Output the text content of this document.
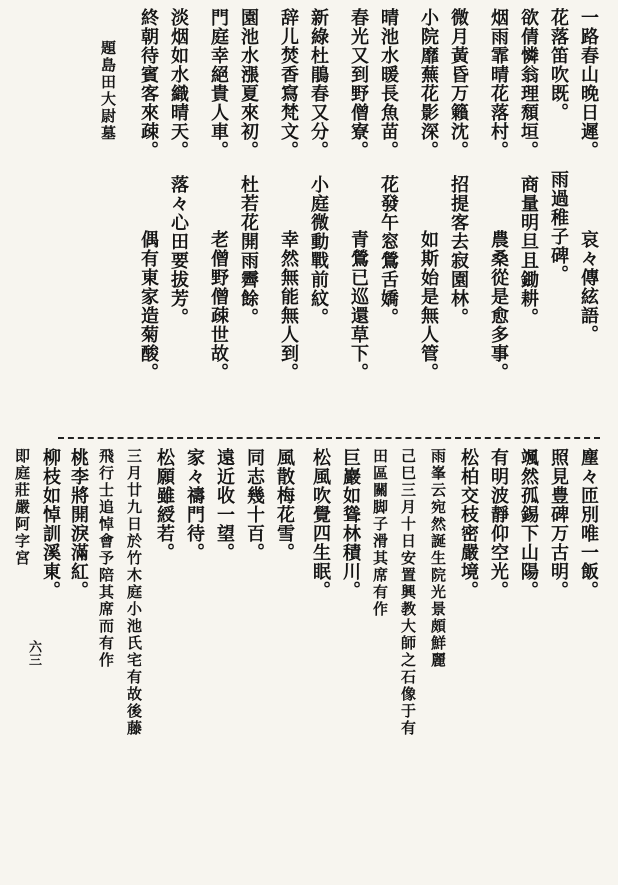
一路春山晚日遲。
花落笛吹既。
欲倩憐翁理頹垣。
烟雨霏晴花落村。
微月黃昏万籟沈。
小院靡蕪花影深。
晴池水暖長魚苗。
春光又到野僧寮。
新綠杜鵑春又分。
辞儿焚香寫梵文。
園池水漲夏來初。
門庭幸絕貴人車。
淡烟如水織晴天。
終朝待賓客來疎。
題島田大尉墓
雨過稚子碑。
商量明旦且鋤耕。
招提客去寂園林。
花發午窓鶯舌嬌。
小庭微動戰前紋。
杜若花開雨霽餘。
落々心田要拔芳。	哀々傳絃語。
農桑從是愈多事。
如斯始是無人管。
青鶯已巡還草下。
幸然無能無人到。
老僧野僧疎世故。
偶有東家造菊酸。
塵々匝別唯一飯。
照見豊碑万古明。
颯然孤錫下山陽。
有明波靜仰空光。
松柏交枝密嚴境。
雨峯云宛然誕生院光景頗鮮麗
己巳三月十日安置興教大師之石像于有
田區關脚子滑其席有作
巨巖如聳林積川。
松風吹覺四生眠。
風散梅花雪。
同志幾十百。
遠近收一望。
家々禱門待。
松願雖綬若。
三月廿九日於竹木庭小池氏宅有故後藤
飛行士追悼會予陪其席而有作
桃李將開淚滿紅。
柳枝如悼訓溪東。
即庭莊嚴阿字宮
六三
